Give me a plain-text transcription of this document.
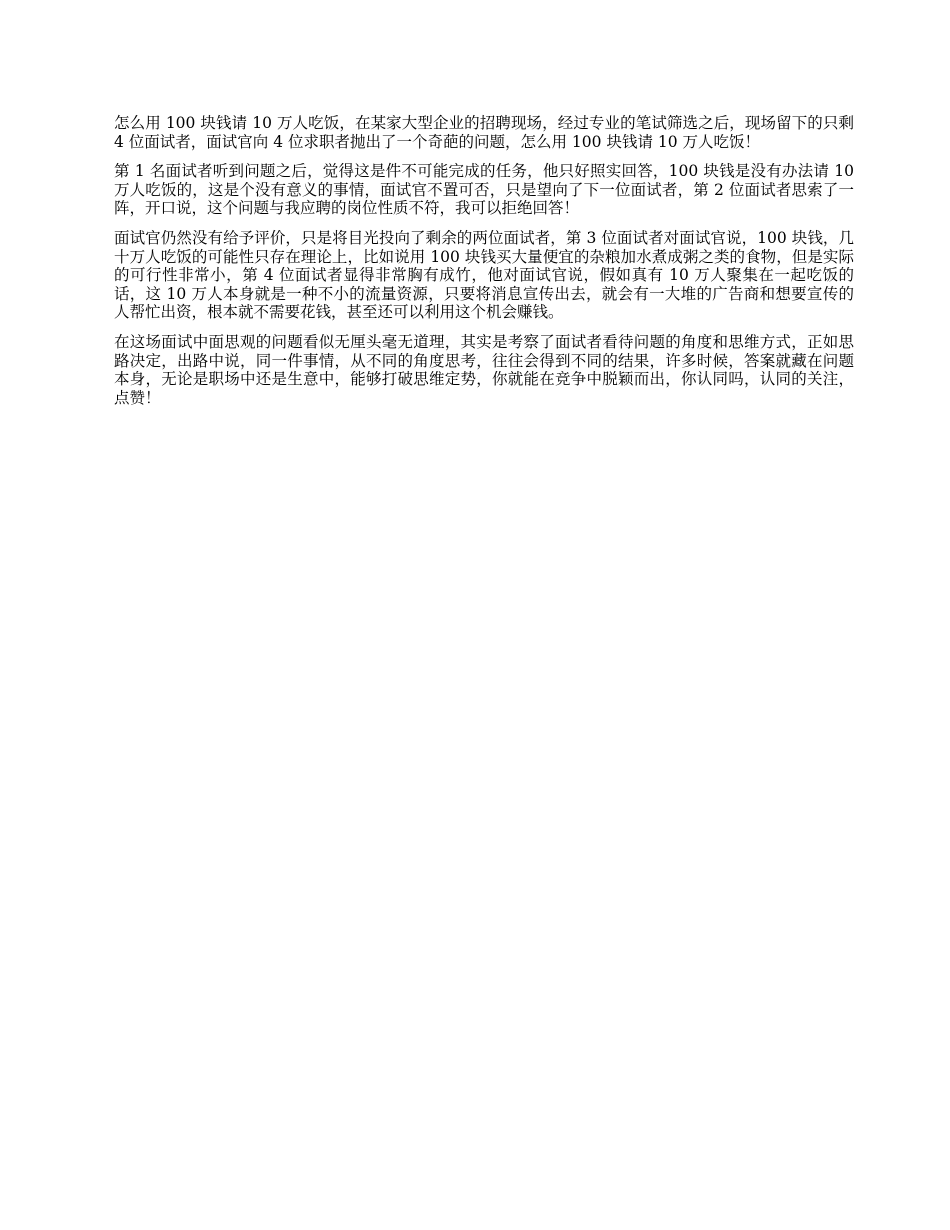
怎么用 100 块钱请 10 万人吃饭，在某家大型企业的招聘现场，经过专业的笔试筛选之后，现场留下的只剩 4 位面试者，面试官向 4 位求职者抛出了一个奇葩的问题，怎么用 100 块钱请 10 万人吃饭！

第 1 名面试者听到问题之后，觉得这是件不可能完成的任务，他只好照实回答，100 块钱是没有办法请 10 万人吃饭的，这是个没有意义的事情，面试官不置可否，只是望向了下一位面试者，第 2 位面试者思索了一阵，开口说，这个问题与我应聘的岗位性质不符，我可以拒绝回答！

面试官仍然没有给予评价，只是将目光投向了剩余的两位面试者，第 3 位面试者对面试官说，100 块钱，几十万人吃饭的可能性只存在理论上，比如说用 100 块钱买大量便宜的杂粮加水煮成粥之类的食物，但是实际的可行性非常小，第 4 位面试者显得非常胸有成竹，他对面试官说，假如真有 10 万人聚集在一起吃饭的话，这 10 万人本身就是一种不小的流量资源，只要将消息宣传出去，就会有一大堆的广告商和想要宣传的人帮忙出资，根本就不需要花钱，甚至还可以利用这个机会赚钱。

在这场面试中面思观的问题看似无厘头毫无道理，其实是考察了面试者看待问题的角度和思维方式，正如思路决定，出路中说，同一件事情，从不同的角度思考，往往会得到不同的结果，许多时候，答案就藏在问题本身，无论是职场中还是生意中，能够打破思维定势，你就能在竞争中脱颖而出，你认同吗，认同的关注，点赞！
